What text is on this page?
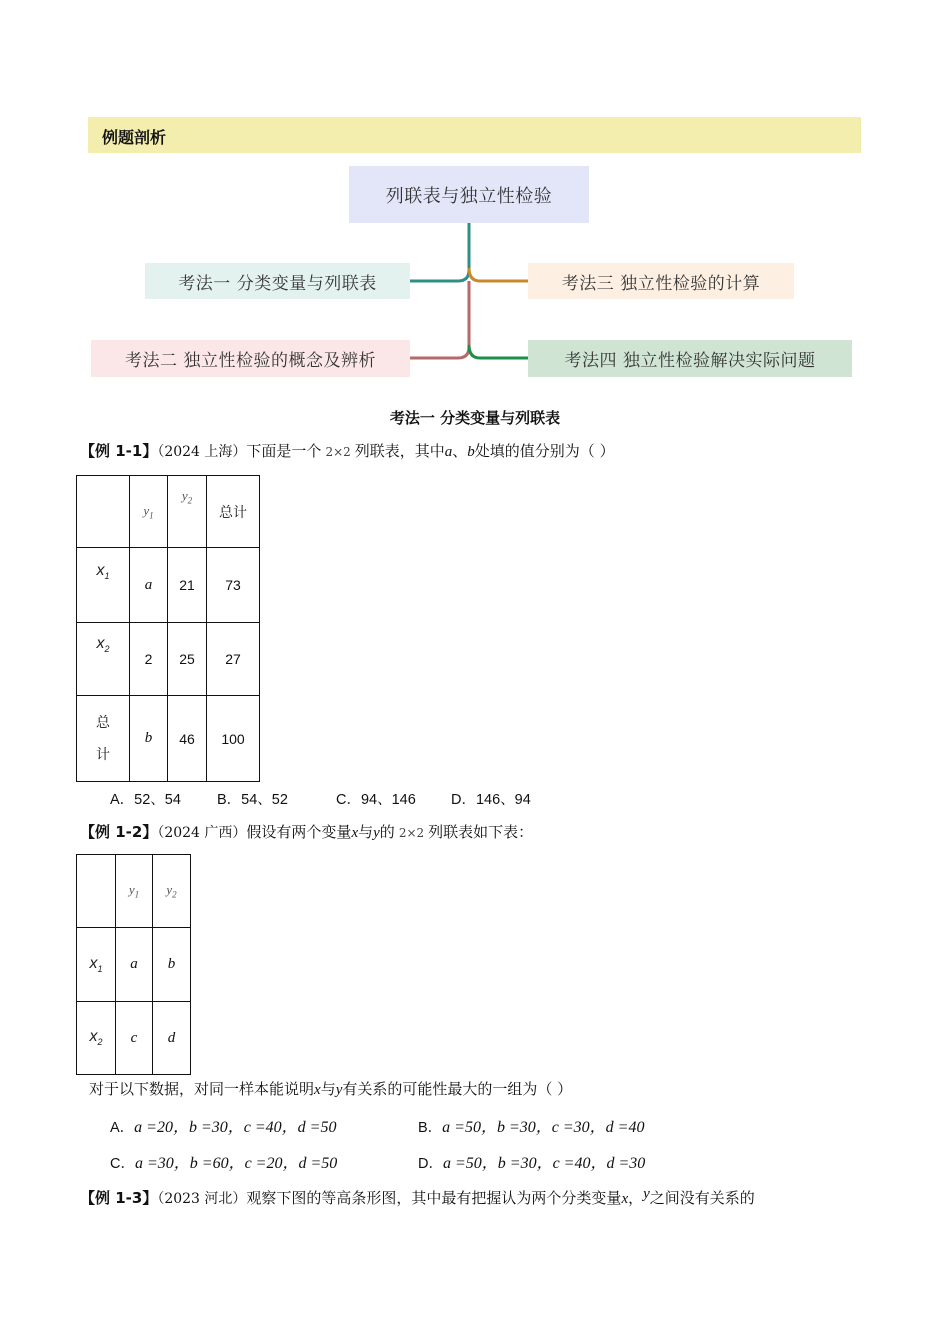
例题剖析
列联表与独立性检验
考法一 分类变量与列联表
考法二 独立性检验的概念及辨析
考法三 独立性检验的计算
考法四 独立性检验解决实际问题
考法一 分类变量与列联表
【例 1-1】（2024 上海）下面是一个 2×2 列联表，其中a、b处填的值分别为（ ）
	$y_1$	$y_2$	总计
$x_1$	a	21	73
$x_2$	2	25	27
总
计	b	46	100
A．52、54 B．54、52	C．94、146 D．146、94
【例 1-2】（2024 广西）假设有两个变量x与y的 2×2 列联表如下表：
	$y_1$	$y_2$
$x_1$	a	b
$x_2$	c	d
对于以下数据，对同一样本能说明x与y有关系的可能性最大的一组为（ ）
A．a =20，b =30，c =40，d =50	B．a =50，b =30，c =30，d =40
C．a =30，b =60，c =20，d =50	D．a =50，b =30，c =40，d =30
【例 1-3】（2023 河北）观察下图的等高条形图，其中最有把握认为两个分类变量x，y之间没有关系的
